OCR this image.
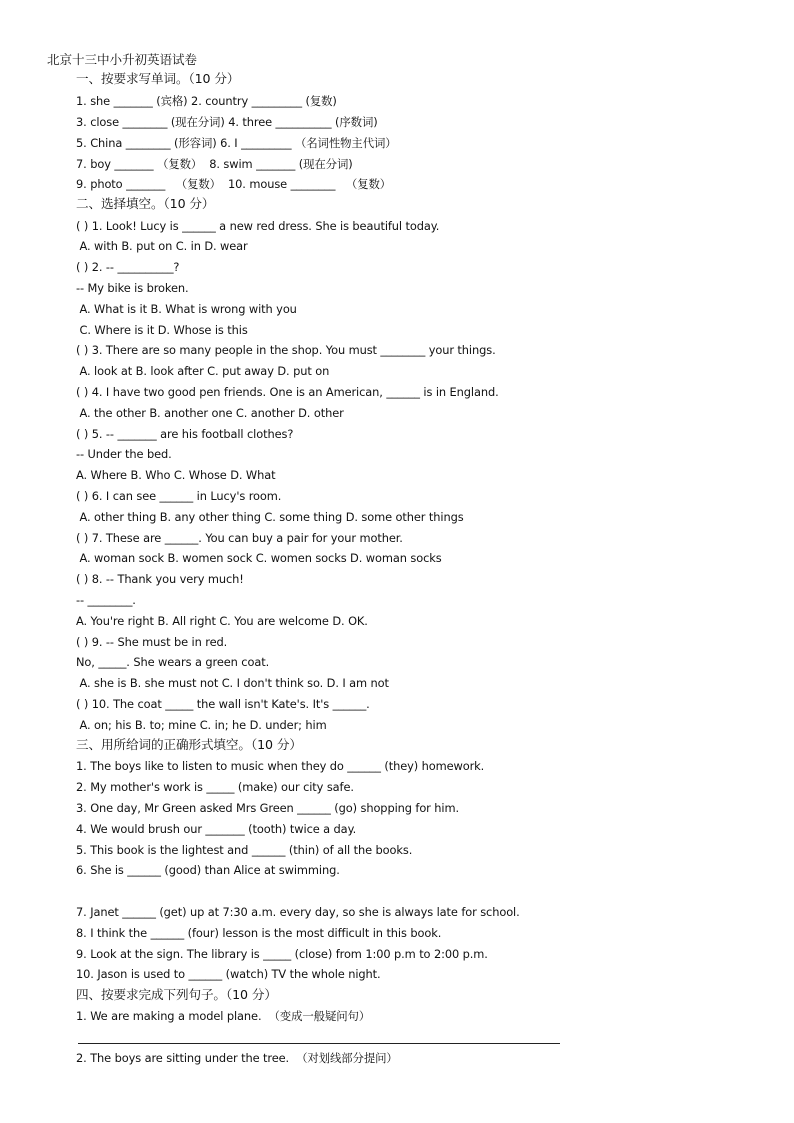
北京十三中小升初英语试卷
一、按要求写单词。（10 分）
1. she _______ (宾格) 2. country _________ (复数)
3. close ________ (现在分词) 4. three __________ (序数词)
5. China ________ (形容词) 6. I _________ （名词性物主代词）
7. boy _______ （复数）  8. swim _______ (现在分词)
9. photo _______   （复数）  10. mouse ________   （复数）
二、选择填空。（10 分）
( ) 1. Look! Lucy is ______ a new red dress. She is beautiful today.
A. with B. put on C. in D. wear
( ) 2. -- __________?
-- My bike is broken.
A. What is it B. What is wrong with you
C. Where is it D. Whose is this
( ) 3. There are so many people in the shop. You must ________ your things.
A. look at B. look after C. put away D. put on
( ) 4. I have two good pen friends. One is an American, ______ is in England.
A. the other B. another one C. another D. other
( ) 5. -- _______ are his football clothes?
-- Under the bed.
A. Where B. Who C. Whose D. What
( ) 6. I can see ______ in Lucy's room.
A. other thing B. any other thing C. some thing D. some other things
( ) 7. These are ______. You can buy a pair for your mother.
A. woman sock B. women sock C. women socks D. woman socks
( ) 8. -- Thank you very much!
-- ________.
A. You're right B. All right C. You are welcome D. OK.
( ) 9. -- She must be in red.
No, _____. She wears a green coat.
A. she is B. she must not C. I don't think so. D. I am not
( ) 10. The coat _____ the wall isn't Kate's. It's ______.
A. on; his B. to; mine C. in; he D. under; him
三、用所给词的正确形式填空。（10 分）
1. The boys like to listen to music when they do ______ (they) homework.
2. My mother's work is _____ (make) our city safe.
3. One day, Mr Green asked Mrs Green ______ (go) shopping for him.
4. We would brush our _______ (tooth) twice a day.
5. This book is the lightest and ______ (thin) of all the books.
6. She is ______ (good) than Alice at swimming.
7. Janet ______ (get) up at 7:30 a.m. every day, so she is always late for school.
8. I think the ______ (four) lesson is the most difficult in this book.
9. Look at the sign. The library is _____ (close) from 1:00 p.m to 2:00 p.m.
10. Jason is used to ______ (watch) TV the whole night.
四、按要求完成下列句子。（10 分）
1. We are making a model plane.  （变成一般疑问句）
2. The boys are sitting under the tree.  （对划线部分提问）
